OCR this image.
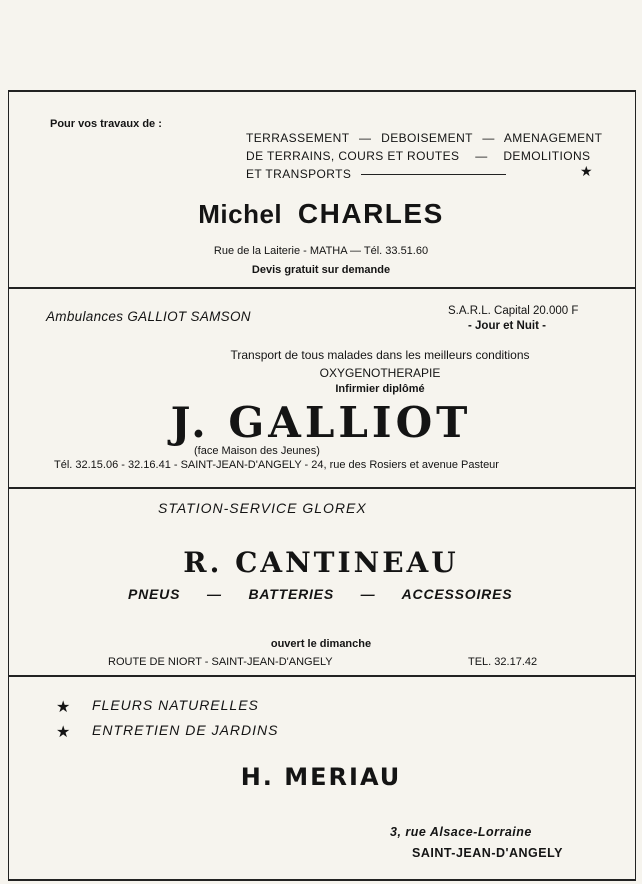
Pour vos travaux de :
TERRASSEMENT — DEBOISEMENT — AMENAGEMENT
DE TERRAINS, COURS ET ROUTES — DEMOLITIONS
ET TRANSPORTS	★
Michel CHARLES
Rue de la Laiterie - MATHA — Tél. 33.51.60
Devis gratuit sur demande
Ambulances GALLIOT SAMSON	S.A.R.L. Capital 20.000 F
- Jour et Nuit -
Transport de tous malades dans les meilleurs conditions
OXYGENOTHERAPIE
Infirmier diplômé
J. GALLIOT
(face Maison des Jeunes)
Tél. 32.15.06 - 32.16.41 - SAINT-JEAN-D'ANGELY - 24, rue des Rosiers et avenue Pasteur
STATION-SERVICE GLOREX
R. CANTINEAU
PNEUS — BATTERIES — ACCESSOIRES
ouvert le dimanche
ROUTE DE NIORT - SAINT-JEAN-D'ANGELY	TEL. 32.17.42
★ FLEURS NATURELLES
★ ENTRETIEN DE JARDINS
H. MERIAU
3, rue Alsace-Lorraine
SAINT-JEAN-D'ANGELY
